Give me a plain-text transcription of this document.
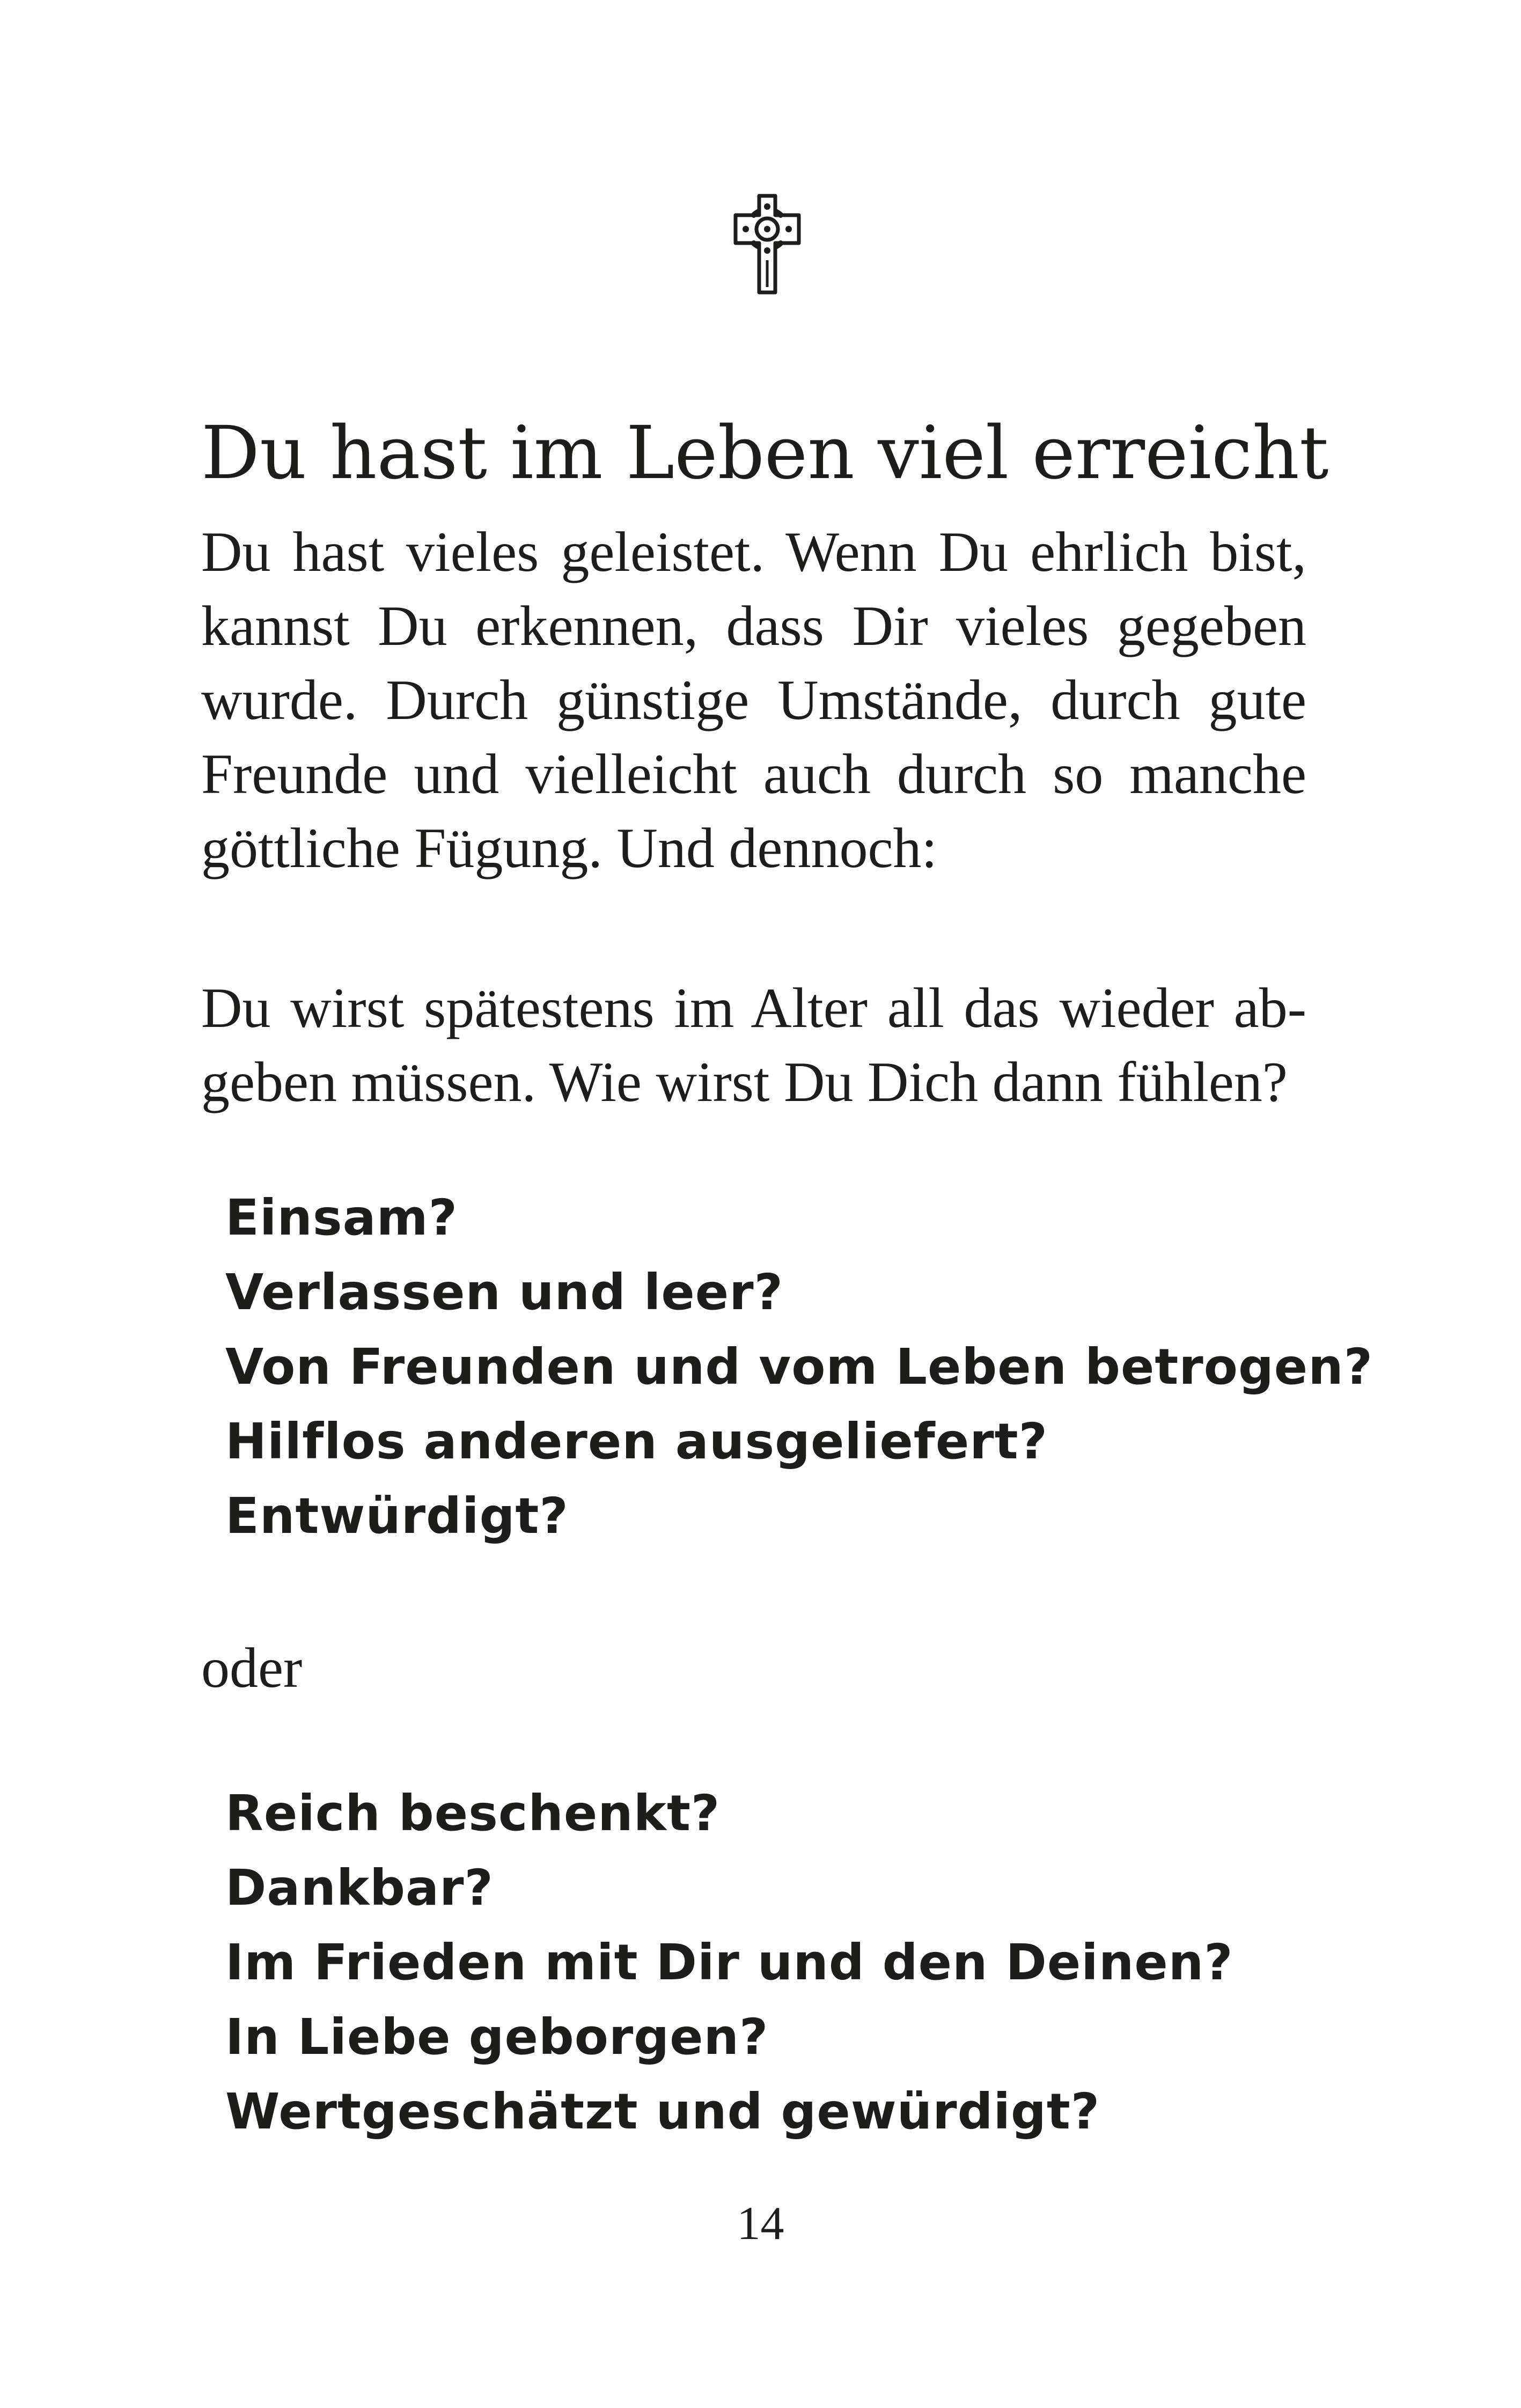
Du hast im Leben viel erreicht

Du hast vieles geleistet. Wenn Du ehrlich bist,
kannst Du erkennen, dass Dir vieles gegeben
wurde. Durch günstige Umstände, durch gute
Freunde und vielleicht auch durch so manche
göttliche Fügung. Und dennoch:

Du wirst spätestens im Alter all das wieder ab-
geben müssen. Wie wirst Du Dich dann fühlen?

Einsam?
Verlassen und leer?
Von Freunden und vom Leben betrogen?
Hilflos anderen ausgeliefert?
Entwürdigt?

oder

Reich beschenkt?
Dankbar?
Im Frieden mit Dir und den Deinen?
In Liebe geborgen?
Wertgeschätzt und gewürdigt?
14
